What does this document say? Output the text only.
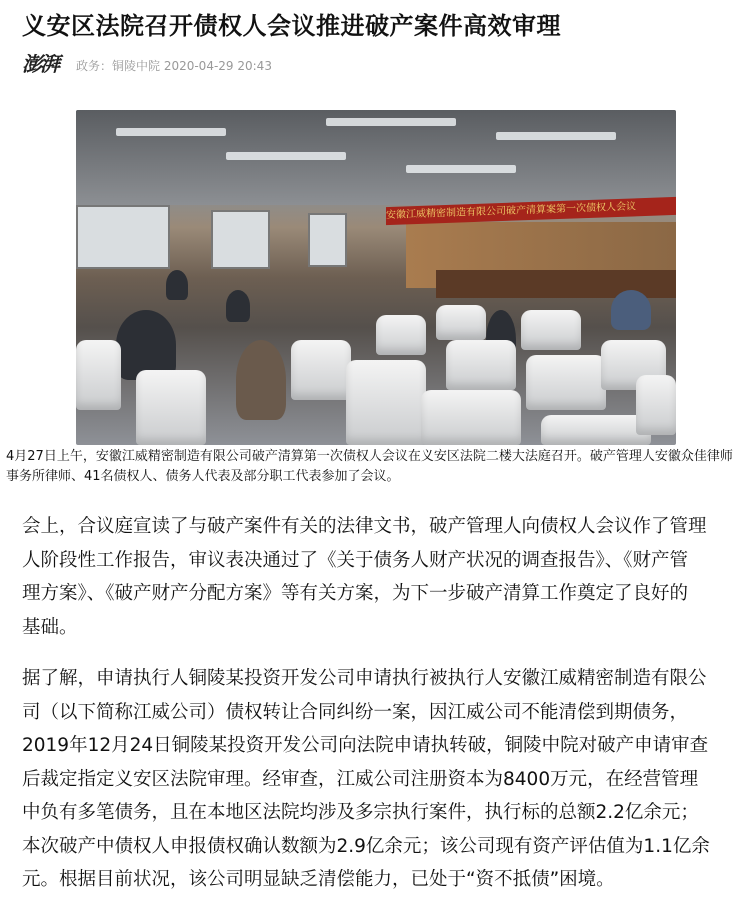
义安区法院召开债权人会议推进破产案件高效审理
澎湃	政务：铜陵中院 2020-04-29 20:43
安徽江威精密制造有限公司破产清算案第一次债权人会议
4月27日上午，安徽江威精密制造有限公司破产清算第一次债权人会议在义安区法院二楼大法庭召开。破产管理人安徽众佳律师事务所律师、41名债权人、债务人代表及部分职工代表参加了会议。
会上，合议庭宣读了与破产案件有关的法律文书，破产管理人向债权人会议作了管理
人阶段性工作报告，审议表决通过了《关于债务人财产状况的调查报告》、《财产管
理方案》、《破产财产分配方案》等有关方案，为下一步破产清算工作奠定了良好的
基础。
据了解，申请执行人铜陵某投资开发公司申请执行被执行人安徽江威精密制造有限公
司（以下简称江威公司）债权转让合同纠纷一案，因江威公司不能清偿到期债务，
2019年12月24日铜陵某投资开发公司向法院申请执转破，铜陵中院对破产申请审查
后裁定指定义安区法院审理。经审查，江威公司注册资本为8400万元，在经营管理
中负有多笔债务，且在本地区法院均涉及多宗执行案件，执行标的总额2.2亿余元；
本次破产中债权人申报债权确认数额为2.9亿余元；该公司现有资产评估值为1.1亿余
元。根据目前状况，该公司明显缺乏清偿能力，已处于“资不抵债”困境。
